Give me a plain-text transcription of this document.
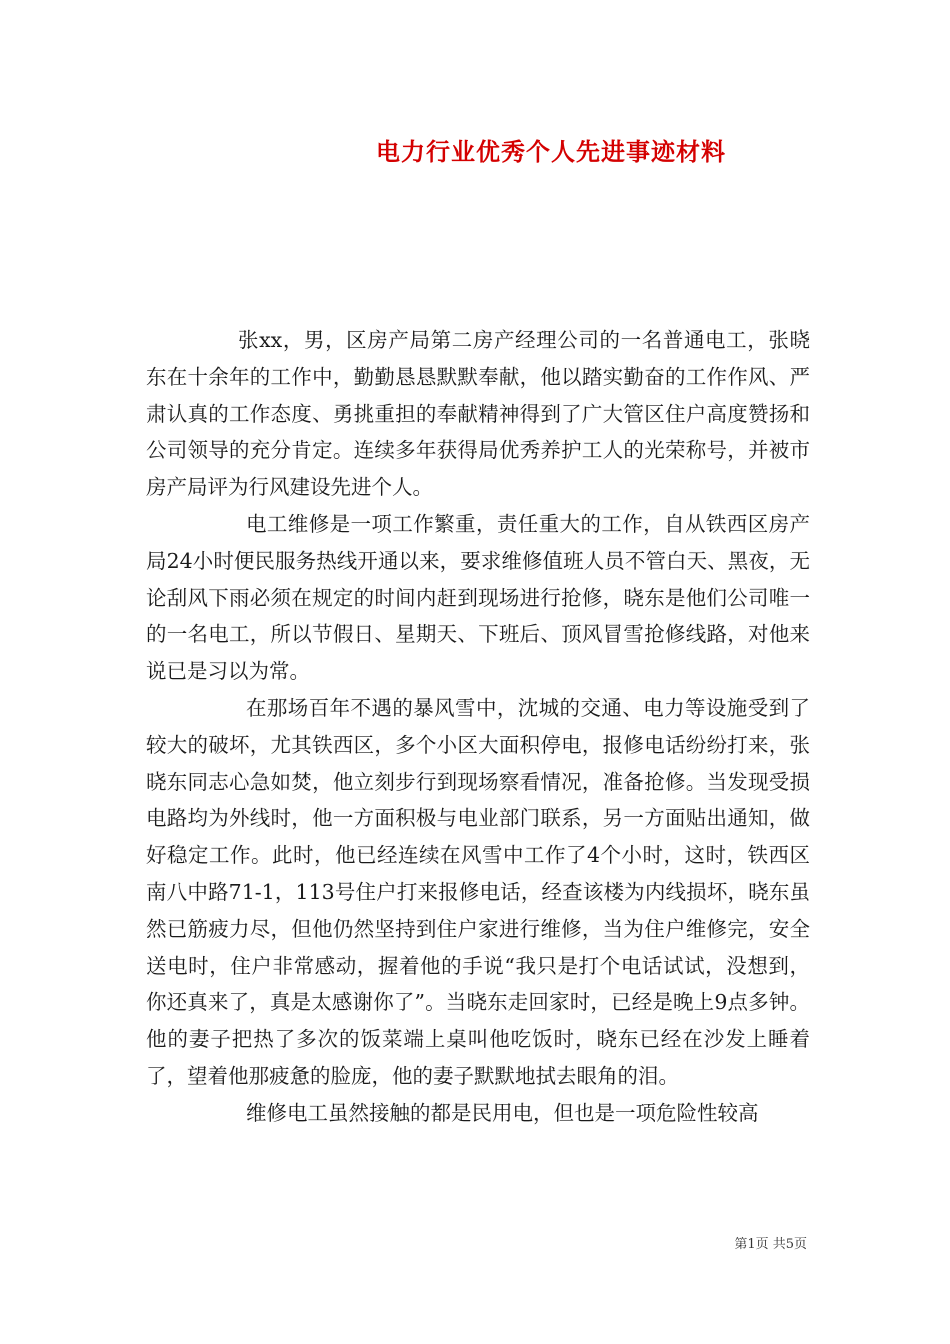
电力行业优秀个人先进事迹材料

张xx，男，区房产局第二房产经理公司的一名普通电工，张晓东在十余年的工作中，勤勤恳恳默默奉献，他以踏实勤奋的工作作风、严肃认真的工作态度、勇挑重担的奉献精神得到了广大管区住户高度赞扬和公司领导的充分肯定。连续多年获得局优秀养护工人的光荣称号，并被市房产局评为行风建设先进个人。

电工维修是一项工作繁重，责任重大的工作，自从铁西区房产局24小时便民服务热线开通以来，要求维修值班人员不管白天、黑夜，无论刮风下雨必须在规定的时间内赶到现场进行抢修，晓东是他们公司唯一的一名电工，所以节假日、星期天、下班后、顶风冒雪抢修线路，对他来说已是习以为常。

在那场百年不遇的暴风雪中，沈城的交通、电力等设施受到了较大的破坏，尤其铁西区，多个小区大面积停电，报修电话纷纷打来，张晓东同志心急如焚，他立刻步行到现场察看情况，准备抢修。当发现受损电路均为外线时，他一方面积极与电业部门联系，另一方面贴出通知，做好稳定工作。此时，他已经连续在风雪中工作了4个小时，这时，铁西区南八中路71-1，113号住户打来报修电话，经查该楼为内线损坏，晓东虽然已筋疲力尽，但他仍然坚持到住户家进行维修，当为住户维修完，安全送电时，住户非常感动，握着他的手说“我只是打个电话试试，没想到，你还真来了，真是太感谢你了”。当晓东走回家时，已经是晚上9点多钟。他的妻子把热了多次的饭菜端上桌叫他吃饭时，晓东已经在沙发上睡着了，望着他那疲惫的脸庞，他的妻子默默地拭去眼角的泪。

维修电工虽然接触的都是民用电，但也是一项危险性较高

第1页 共5页
